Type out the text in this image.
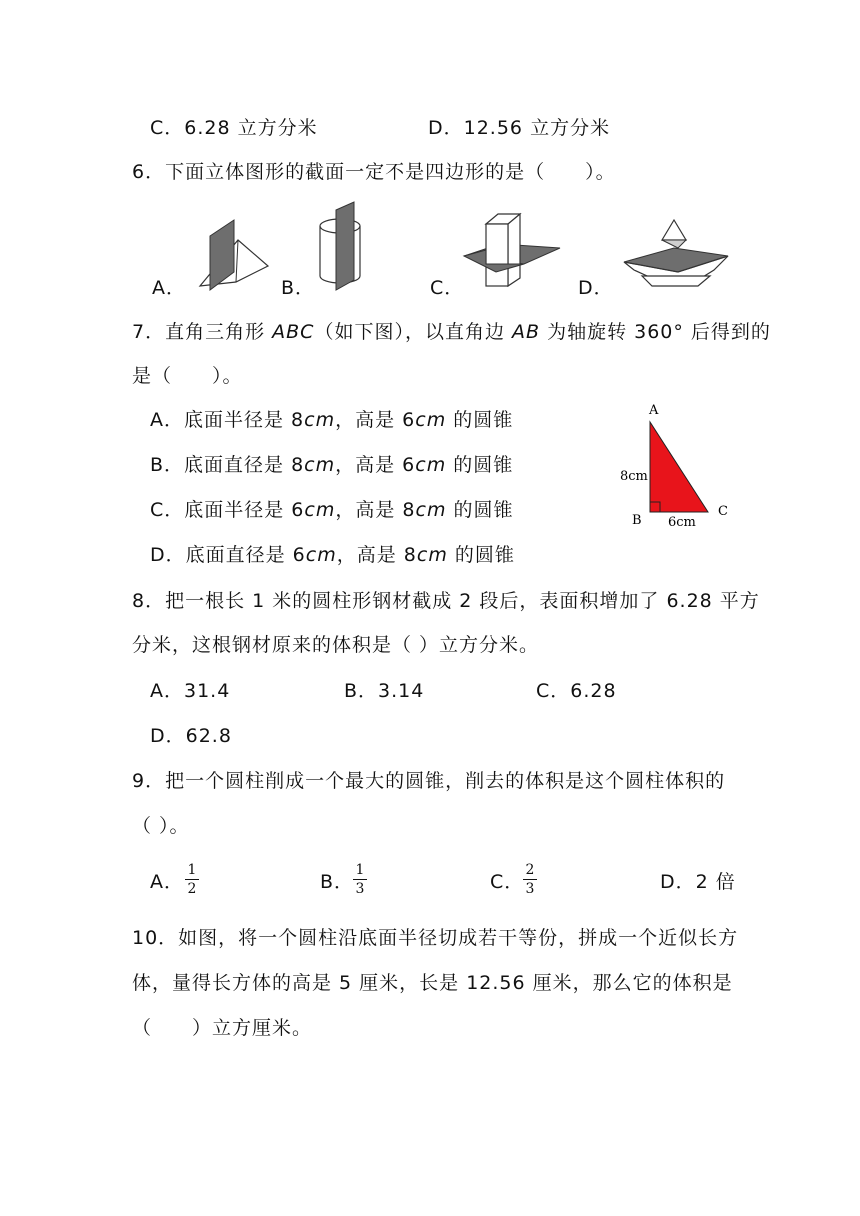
C．6.28 立方分米	D．12.56 立方分米
6．下面立体图形的截面一定不是四边形的是（　　）。
A．	B．	C．	D．
7．直角三角形 ABC（如下图），以直角边 AB 为轴旋转 360° 后得到的
是（　　）。
A．底面半径是 8cm，高是 6cm 的圆锥
B．底面直径是 8cm，高是 6cm 的圆锥
C．底面半径是 6cm，高是 8cm 的圆锥
D．底面直径是 6cm，高是 8cm 的圆锥
A
B
C
8cm
6cm
8．把一根长 1 米的圆柱形钢材截成 2 段后，表面积增加了 6.28 平方
分米，这根钢材原来的体积是（ ）立方分米。
A．31.4	B．3.14	C．6.28
D．62.8
9．把一个圆柱削成一个最大的圆锥，削去的体积是这个圆柱体积的
（ ）。
A．
1
2	B．
1
3	C．
2
3	D．2 倍
10．如图，将一个圆柱沿底面半径切成若干等份，拼成一个近似长方
体，量得长方体的高是 5 厘米，长是 12.56 厘米，那么它的体积是
（　　）立方厘米。
